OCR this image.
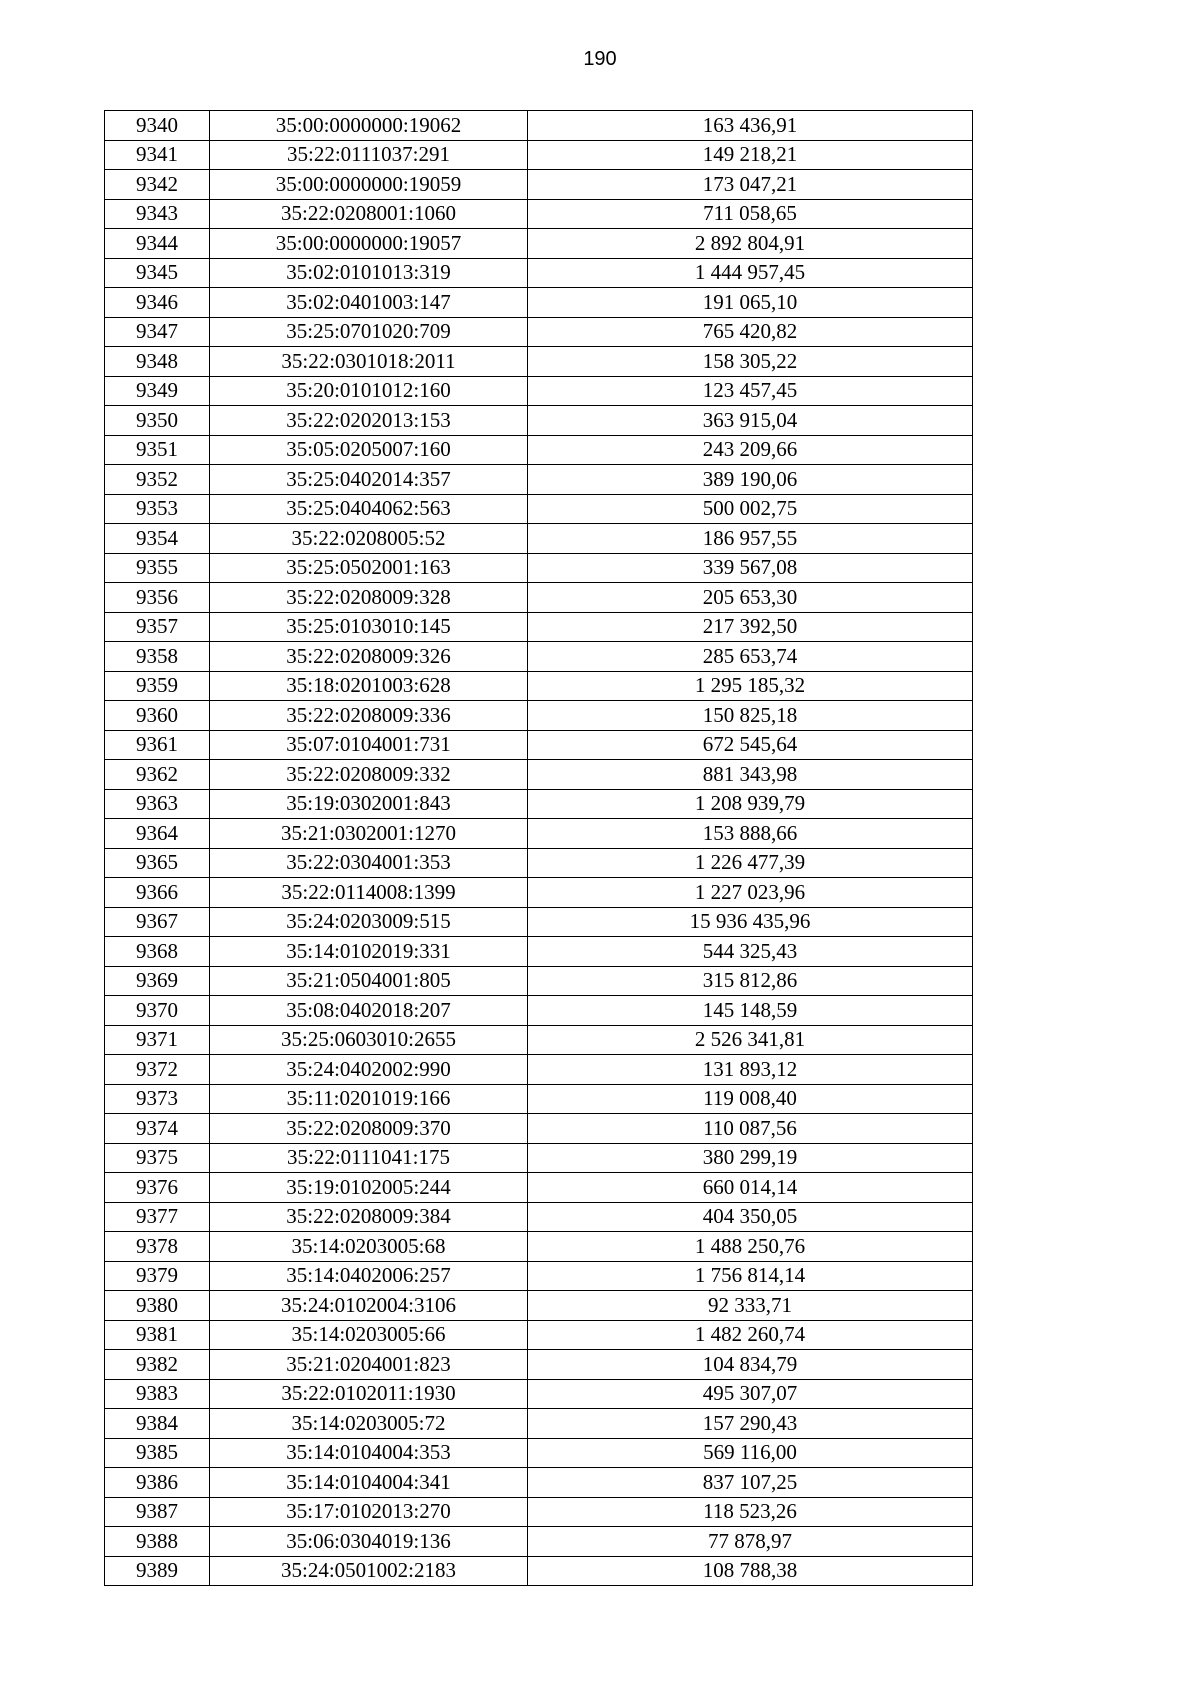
190
9340	35:00:0000000:19062	163 436,91
9341	35:22:0111037:291	149 218,21
9342	35:00:0000000:19059	173 047,21
9343	35:22:0208001:1060	711 058,65
9344	35:00:0000000:19057	2 892 804,91
9345	35:02:0101013:319	1 444 957,45
9346	35:02:0401003:147	191 065,10
9347	35:25:0701020:709	765 420,82
9348	35:22:0301018:2011	158 305,22
9349	35:20:0101012:160	123 457,45
9350	35:22:0202013:153	363 915,04
9351	35:05:0205007:160	243 209,66
9352	35:25:0402014:357	389 190,06
9353	35:25:0404062:563	500 002,75
9354	35:22:0208005:52	186 957,55
9355	35:25:0502001:163	339 567,08
9356	35:22:0208009:328	205 653,30
9357	35:25:0103010:145	217 392,50
9358	35:22:0208009:326	285 653,74
9359	35:18:0201003:628	1 295 185,32
9360	35:22:0208009:336	150 825,18
9361	35:07:0104001:731	672 545,64
9362	35:22:0208009:332	881 343,98
9363	35:19:0302001:843	1 208 939,79
9364	35:21:0302001:1270	153 888,66
9365	35:22:0304001:353	1 226 477,39
9366	35:22:0114008:1399	1 227 023,96
9367	35:24:0203009:515	15 936 435,96
9368	35:14:0102019:331	544 325,43
9369	35:21:0504001:805	315 812,86
9370	35:08:0402018:207	145 148,59
9371	35:25:0603010:2655	2 526 341,81
9372	35:24:0402002:990	131 893,12
9373	35:11:0201019:166	119 008,40
9374	35:22:0208009:370	110 087,56
9375	35:22:0111041:175	380 299,19
9376	35:19:0102005:244	660 014,14
9377	35:22:0208009:384	404 350,05
9378	35:14:0203005:68	1 488 250,76
9379	35:14:0402006:257	1 756 814,14
9380	35:24:0102004:3106	92 333,71
9381	35:14:0203005:66	1 482 260,74
9382	35:21:0204001:823	104 834,79
9383	35:22:0102011:1930	495 307,07
9384	35:14:0203005:72	157 290,43
9385	35:14:0104004:353	569 116,00
9386	35:14:0104004:341	837 107,25
9387	35:17:0102013:270	118 523,26
9388	35:06:0304019:136	77 878,97
9389	35:24:0501002:2183	108 788,38
